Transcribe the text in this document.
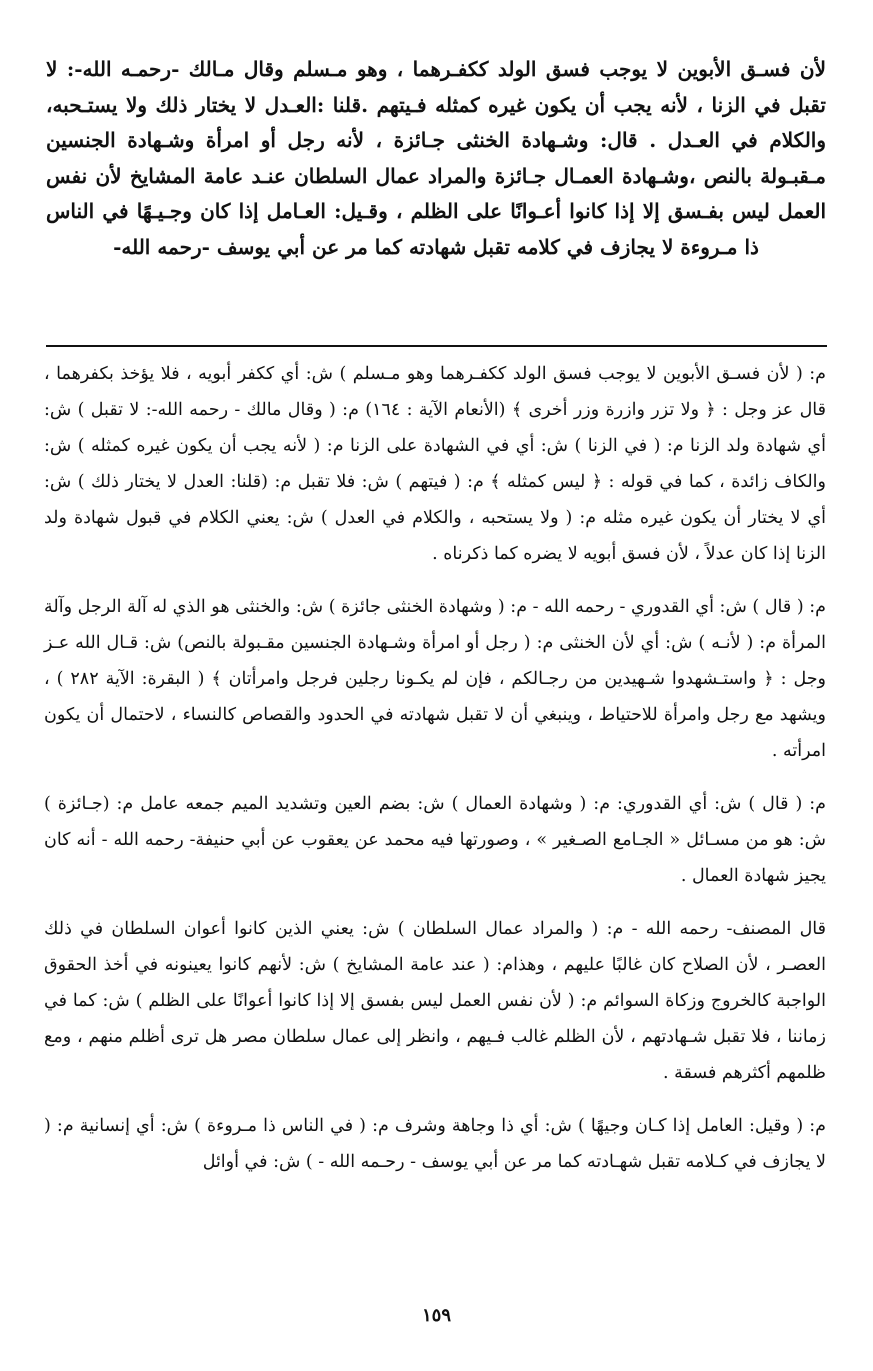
لأن فسـق الأبوين لا يوجب فسق الولد ككفـرهما ، وهو مـسلم وقال مـالك -رحمـه الله-: لا تقبل في الزنا ، لأنه يجب أن يكون غيره كمثله فـيتهم .قلنا :العـدل لا يختار ذلك ولا يستـحبه، والكلام في العـدل . قال: وشـهادة الخنثى جـائزة ، لأنه رجل أو امرأة وشـهادة الجنسين مـقبـولة بالنص ،وشـهادة العمـال جـائزة والمراد عمال السلطان عنـد عامة المشايخ لأن نفس العمل ليس بفـسق إلا إذا كانوا أعـوانًا على الظلم ، وقـيل: العـامل إذا كان وجـيـهًا في الناس ذا مـروءة لا يجازف في كلامه تقبل شهادته كما مر عن أبي يوسف -رحمه الله-

م: ( لأن فسـق الأبوين لا يوجب فسق الولد ككفـرهما وهو مـسلم ) ش: أي ككفر أبويه ، فلا يؤخذ بكفرهما ، قال عز وجل : ﴿ ولا تزر وازرة وزر أخرى ﴾ (الأنعام الآية : ١٦٤) م: ( وقال مالك - رحمه الله-: لا تقبل ) ش: أي شهادة ولد الزنا م: ( في الزنا ) ش: أي في الشهادة على الزنا م: ( لأنه يجب أن يكون غيره كمثله ) ش: والكاف زائدة ، كما في قوله : ﴿ ليس كمثله ﴾ م: ( فيتهم ) ش: فلا تقبل م: (قلنا: العدل لا يختار ذلك ) ش: أي لا يختار أن يكون غيره مثله م: ( ولا يستحبه ، والكلام في العدل ) ش: يعني الكلام في قبول شهادة ولد الزنا إذا كان عدلاً ، لأن فسق أبويه لا يضره كما ذكرناه .

م: ( قال ) ش: أي القدوري - رحمه الله - م: ( وشهادة الخنثى جائزة ) ش: والخنثى هو الذي له آلة الرجل وآلة المرأة م: ( لأنـه ) ش: أي لأن الخنثى م: ( رجل أو امرأة وشـهادة الجنسين مقـبولة بالنص) ش: قـال الله عـز وجل : ﴿ واستـشهدوا شـهيدين من رجـالكم ، فإن لم يكـونا رجلين فرجل وامرأتان ﴾ ( البقرة: الآية ٢٨٢ ) ، ويشهد مع رجل وامرأة للاحتياط ، وينبغي أن لا تقبل شهادته في الحدود والقصاص كالنساء ، لاحتمال أن يكون امرأته .

م: ( قال ) ش: أي القدوري: م: ( وشهادة العمال ) ش: بضم العين وتشديد الميم جمعه عامل م: (جـائزة ) ش: هو من مسـائل « الجـامع الصـغير » ، وصورتها فيه محمد عن يعقوب عن أبي حنيفة- رحمه الله - أنه كان يجيز شهادة العمال .

قال المصنف- رحمه الله - م: ( والمراد عمال السلطان ) ش: يعني الذين كانوا أعوان السلطان في ذلك العصـر ، لأن الصلاح كان غالبًا عليهم ، وهذام: ( عند عامة المشايخ ) ش: لأنهم كانوا يعينونه في أخذ الحقوق الواجبة كالخروج وزكاة السوائم م: ( لأن نفس العمل ليس بفسق إلا إذا كانوا أعوانًا على الظلم ) ش: كما في زماننا ، فلا تقبل شـهادتهم ، لأن الظلم غالب فـيهم ، وانظر إلى عمال سلطان مصر هل ترى أظلم منهم ، ومع ظلمهم أكثرهم فسقة .

م: ( وقيل: العامل إذا كـان وجيهًا ) ش: أي ذا وجاهة وشرف م: ( في الناس ذا مـروءة ) ش: أي إنسانية م: ( لا يجازف في كـلامه تقبل شهـادته كما مر عن أبي يوسف - رحـمه الله - ) ش: في أوائل

١٥٩
